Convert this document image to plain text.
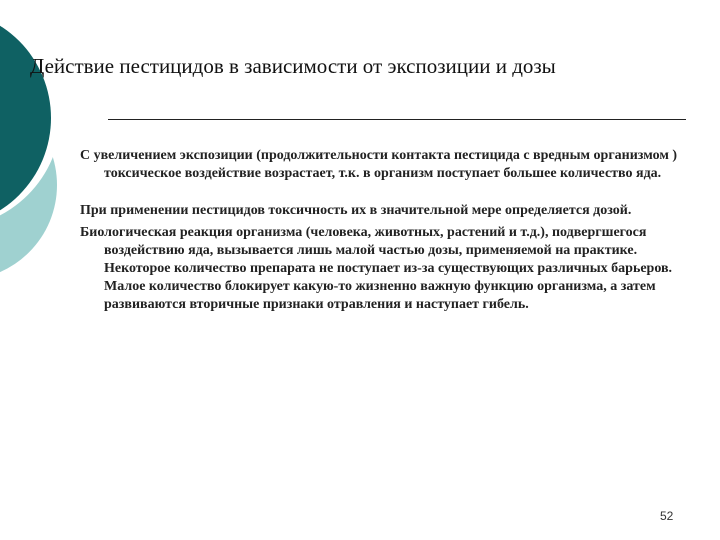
Действие пестицидов в зависимости от экспозиции и дозы

С увеличением экспозиции (продолжительности контакта пестицида с вредным организмом ) токсическое воздействие возрастает, т.к. в организм поступает большее количество яда.

При применении пестицидов токсичность их в значительной мере определяется дозой.

Биологическая реакция организма (человека, животных, растений и т.д.), подвергшегося воздействию яда, вызывается лишь малой частью дозы, применяемой на практике. Некоторое количество препарата не поступает из-за существующих различных барьеров. Малое количество блокирует какую-то жизненно важную функцию организма, а затем развиваются вторичные признаки отравления и наступает гибель.

52
